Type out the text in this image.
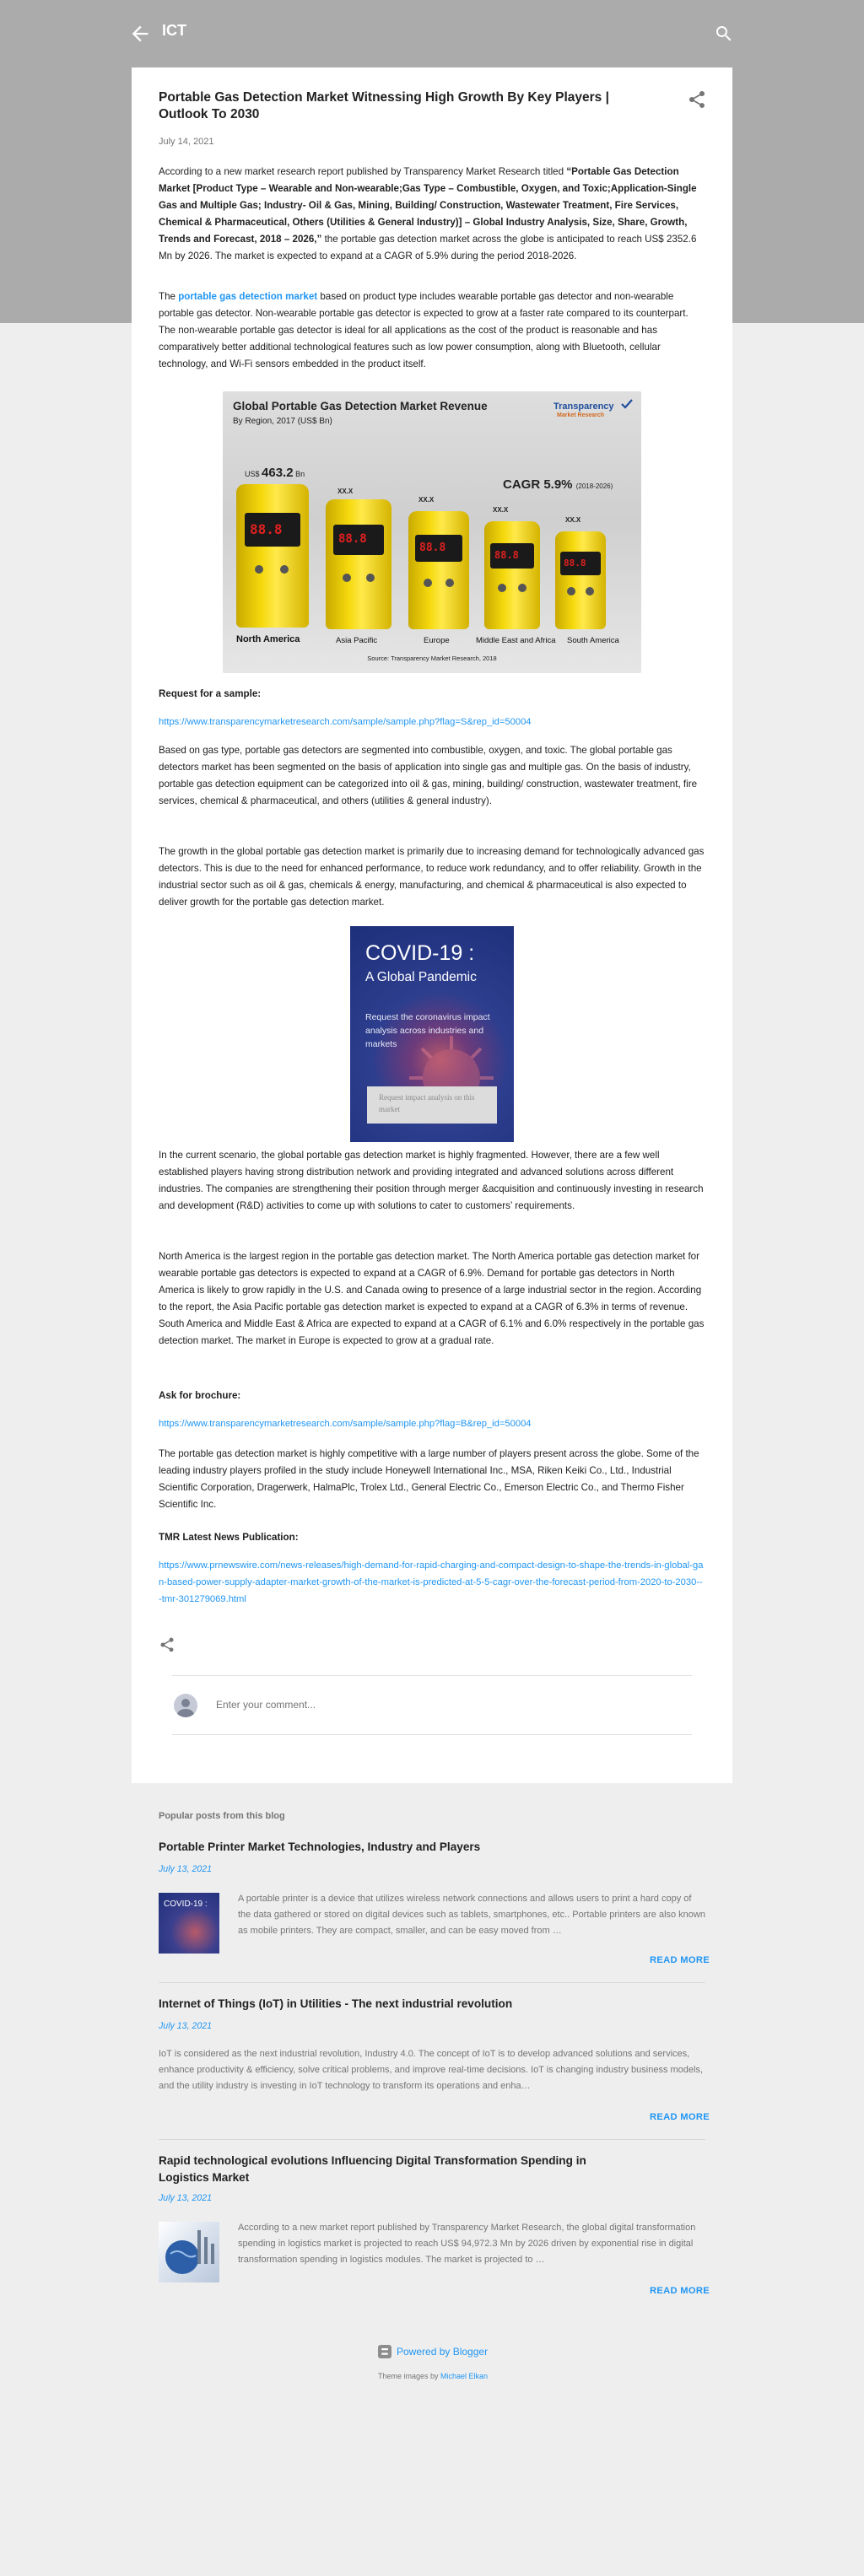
ICT
Portable Gas Detection Market Witnessing High Growth By Key Players | Outlook To 2030
July 14, 2021

According to a new market research report published by Transparency Market Research titled “Portable Gas Detection Market [Product Type – Wearable and Non-wearable;Gas Type – Combustible, Oxygen, and Toxic;Application-Single Gas and Multiple Gas; Industry- Oil & Gas, Mining, Building/ Construction, Wastewater Treatment, Fire Services, Chemical & Pharmaceutical, Others (Utilities & General Industry)] – Global Industry Analysis, Size, Share, Growth, Trends and Forecast, 2018 – 2026,” the portable gas detection market across the globe is anticipated to reach US$ 2352.6 Mn by 2026. The market is expected to expand at a CAGR of 5.9% during the period 2018-2026.

The portable gas detection market based on product type includes wearable portable gas detector and non-wearable portable gas detector. Non-wearable portable gas detector is expected to grow at a faster rate compared to its counterpart. The non-wearable portable gas detector is ideal for all applications as the cost of the product is reasonable and has comparatively better additional technological features such as low power consumption, along with Bluetooth, cellular technology, and Wi-Fi sensors embedded in the product itself.

Global Portable Gas Detection Market Revenue
By Region, 2017 (US$ Bn)
Transparency
Market Research
US$ 463.2 Bn
CAGR 5.9% (2018-2026)
XX.X
XX.X
XX.X
XX.X
88.8
88.8
88.8
88.8
88.8
North America	Asia Pacific	Europe	Middle East and Africa South America
Source: Transparency Market Research, 2018
Request for a sample:
https://www.transparencymarketresearch.com/sample/sample.php?flag=S&rep_id=50004

Based on gas type, portable gas detectors are segmented into combustible, oxygen, and toxic. The global portable gas detectors market has been segmented on the basis of application into single gas and multiple gas. On the basis of industry, portable gas detection equipment can be categorized into oil & gas, mining, building/ construction, wastewater treatment, fire services, chemical & pharmaceutical, and others (utilities & general industry).

The growth in the global portable gas detection market is primarily due to increasing demand for technologically advanced gas detectors. This is due to the need for enhanced performance, to reduce work redundancy, and to offer reliability. Growth in the industrial sector such as oil & gas, chemicals & energy, manufacturing, and chemical & pharmaceutical is also expected to deliver growth for the portable gas detection market.

COVID-19 :
A Global Pandemic
Request the coronavirus impact analysis across industries and markets
Request impact analysis on this market

In the current scenario, the global portable gas detection market is highly fragmented. However, there are a few well established players having strong distribution network and providing integrated and advanced solutions across different industries. The companies are strengthening their position through merger &acquisition and continuously investing in research and development (R&D) activities to come up with solutions to cater to customers’ requirements.

North America is the largest region in the portable gas detection market. The North America portable gas detection market for wearable portable gas detectors is expected to expand at a CAGR of 6.9%. Demand for portable gas detectors in North America is likely to grow rapidly in the U.S. and Canada owing to presence of a large industrial sector in the region. According to the report, the Asia Pacific portable gas detection market is expected to expand at a CAGR of 6.3% in terms of revenue. South America and Middle East & Africa are expected to expand at a CAGR of 6.1% and 6.0% respectively in the portable gas detection market. The market in Europe is expected to grow at a gradual rate.

Ask for brochure:
https://www.transparencymarketresearch.com/sample/sample.php?flag=B&rep_id=50004

The portable gas detection market is highly competitive with a large number of players present across the globe. Some of the leading industry players profiled in the study include Honeywell International Inc., MSA, Riken Keiki Co., Ltd., Industrial Scientific Corporation, Dragerwerk, HalmaPlc, Trolex Ltd., General Electric Co., Emerson Electric Co., and Thermo Fisher Scientific Inc.

TMR Latest News Publication:
https://www.prnewswire.com/news-releases/high-demand-for-rapid-charging-and-compact-design-to-shape-the-trends-in-global-gan-based-power-supply-adapter-market-growth-of-the-market-is-predicted-at-5-5-cagr-over-the-forecast-period-from-2020-to-2030---tmr-301279069.html
Enter your comment...
Popular posts from this blog
Portable Printer Market Technologies, Industry and Players
July 13, 2021
COVID-19 :
A portable printer is a device that utilizes wireless network connections and allows users to print a hard copy of the data gathered or stored on digital devices such as tablets, smartphones, etc.. Portable printers are also known as mobile printers. They are compact, smaller, and can be easy moved from …
READ MORE
Internet of Things (IoT) in Utilities - The next industrial revolution
July 13, 2021
IoT is considered as the next industrial revolution, Industry 4.0. The concept of IoT is to develop advanced solutions and services, enhance productivity & efficiency, solve critical problems, and improve real-time decisions. IoT is changing industry business models, and the utility industry is investing in IoT technology to transform its operations and enha…
READ MORE
Rapid technological evolutions Influencing Digital Transformation Spending in Logistics Market
July 13, 2021
According to a new market report published by Transparency Market Research, the global digital transformation spending in logistics market is projected to reach US$ 94,972.3 Mn by 2026 driven by exponential rise in digital transformation spending in logistics modules. The market is projected to …
READ MORE
Powered by Blogger
Theme images by Michael Elkan
